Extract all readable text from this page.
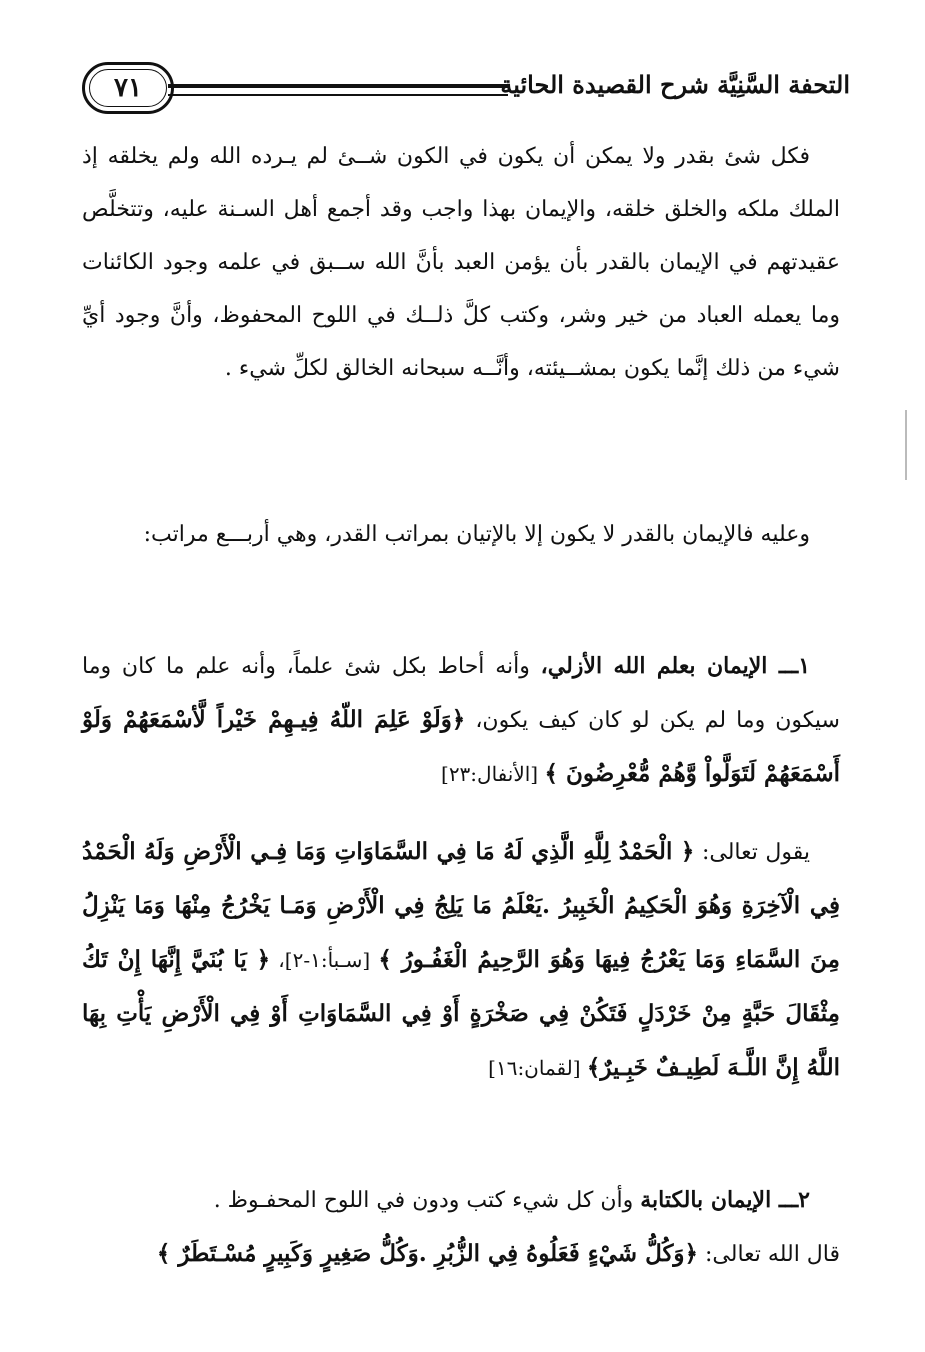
التحفة السَّنِيَّة شرح القصيدة الحائية
٧١

فكل شئ بقدر ولا يمكن أن يكون في الكون شــئ لم يـرده الله ولم يخلقه إذ الملك ملكه والخلق خلقه، والإيمان بهذا واجب وقد أجمع أهل السـنة عليه، وتتخلَّص عقيدتهم في الإيمان بالقدر بأن يؤمن العبد بأنَّ الله ســبق في علمه وجود الكائنات وما يعمله العباد من خير وشر، وكتب كلَّ ذلــك في اللوح المحفوظ، وأنَّ وجود أيِّ شيء من ذلك إنَّما يكون بمشــيئته، وأنَّــه سبحانه الخالق لكلِّ شيء .

وعليه فالإيمان بالقدر لا يكون إلا بالإتيان بمراتب القدر، وهي أربـــع مراتب:

١ـــ الإيمان بعلم الله الأزلي، وأنه أحاط بكل شئ علماً، وأنه علم ما كان وما سيكون وما لم يكن لو كان كيف يكون، ﴿وَلَوْ عَلِمَ اللّهُ فِيـهِمْ خَيْراً لَّأسْمَعَهُمْ وَلَوْ أَسْمَعَهُمْ لَتَوَلَّواْ وَّهُمْ مُّعْرِضُونَ ﴾ [الأنفال:٢٣]

يقول تعالى: ﴿ الْحَمْدُ لِلَّهِ الَّذِي لَهُ مَا فِي السَّمَاوَاتِ وَمَا فِـي الْأَرْضِ وَلَهُ الْحَمْدُ فِي الْآخِرَةِ وَهُوَ الْحَكِيمُ الْخَبِيرُ .يَعْلَمُ مَا يَلِجُ فِي الْأَرْضِ وَمَـا يَخْرُجُ مِنْهَا وَمَا يَنْزِلُ مِنَ السَّمَاءِ وَمَا يَعْرُجُ فِيهَا وَهُوَ الرَّحِيمُ الْغَفُـورُ ﴾ [سـبأ:١-٢]، ﴿ يَا بُنَيَّ إِنَّهَا إِنْ تَكُ مِثْقَالَ حَبَّةٍ مِنْ خَرْدَلٍ فَتَكُنْ فِي صَخْرَةٍ أَوْ فِي السَّمَاوَاتِ أَوْ فِي الْأَرْضِ يَأْتِ بِهَا اللَّهُ إِنَّ اللَّـهَ لَطِيـفٌ خَبِـيرٌ﴾ [لقمان:١٦]

٢ـــ الإيمان بالكتابة وأن كل شيء كتب ودون في اللوح المحفـوظ .

قال الله تعالى: ﴿وَكُلُّ شَيْءٍ فَعَلُوهُ فِي الزُّبُرِ .وَكُلُّ صَغِيرٍ وَكَبِيرٍ مُسْـتَطَرٌ ﴾
